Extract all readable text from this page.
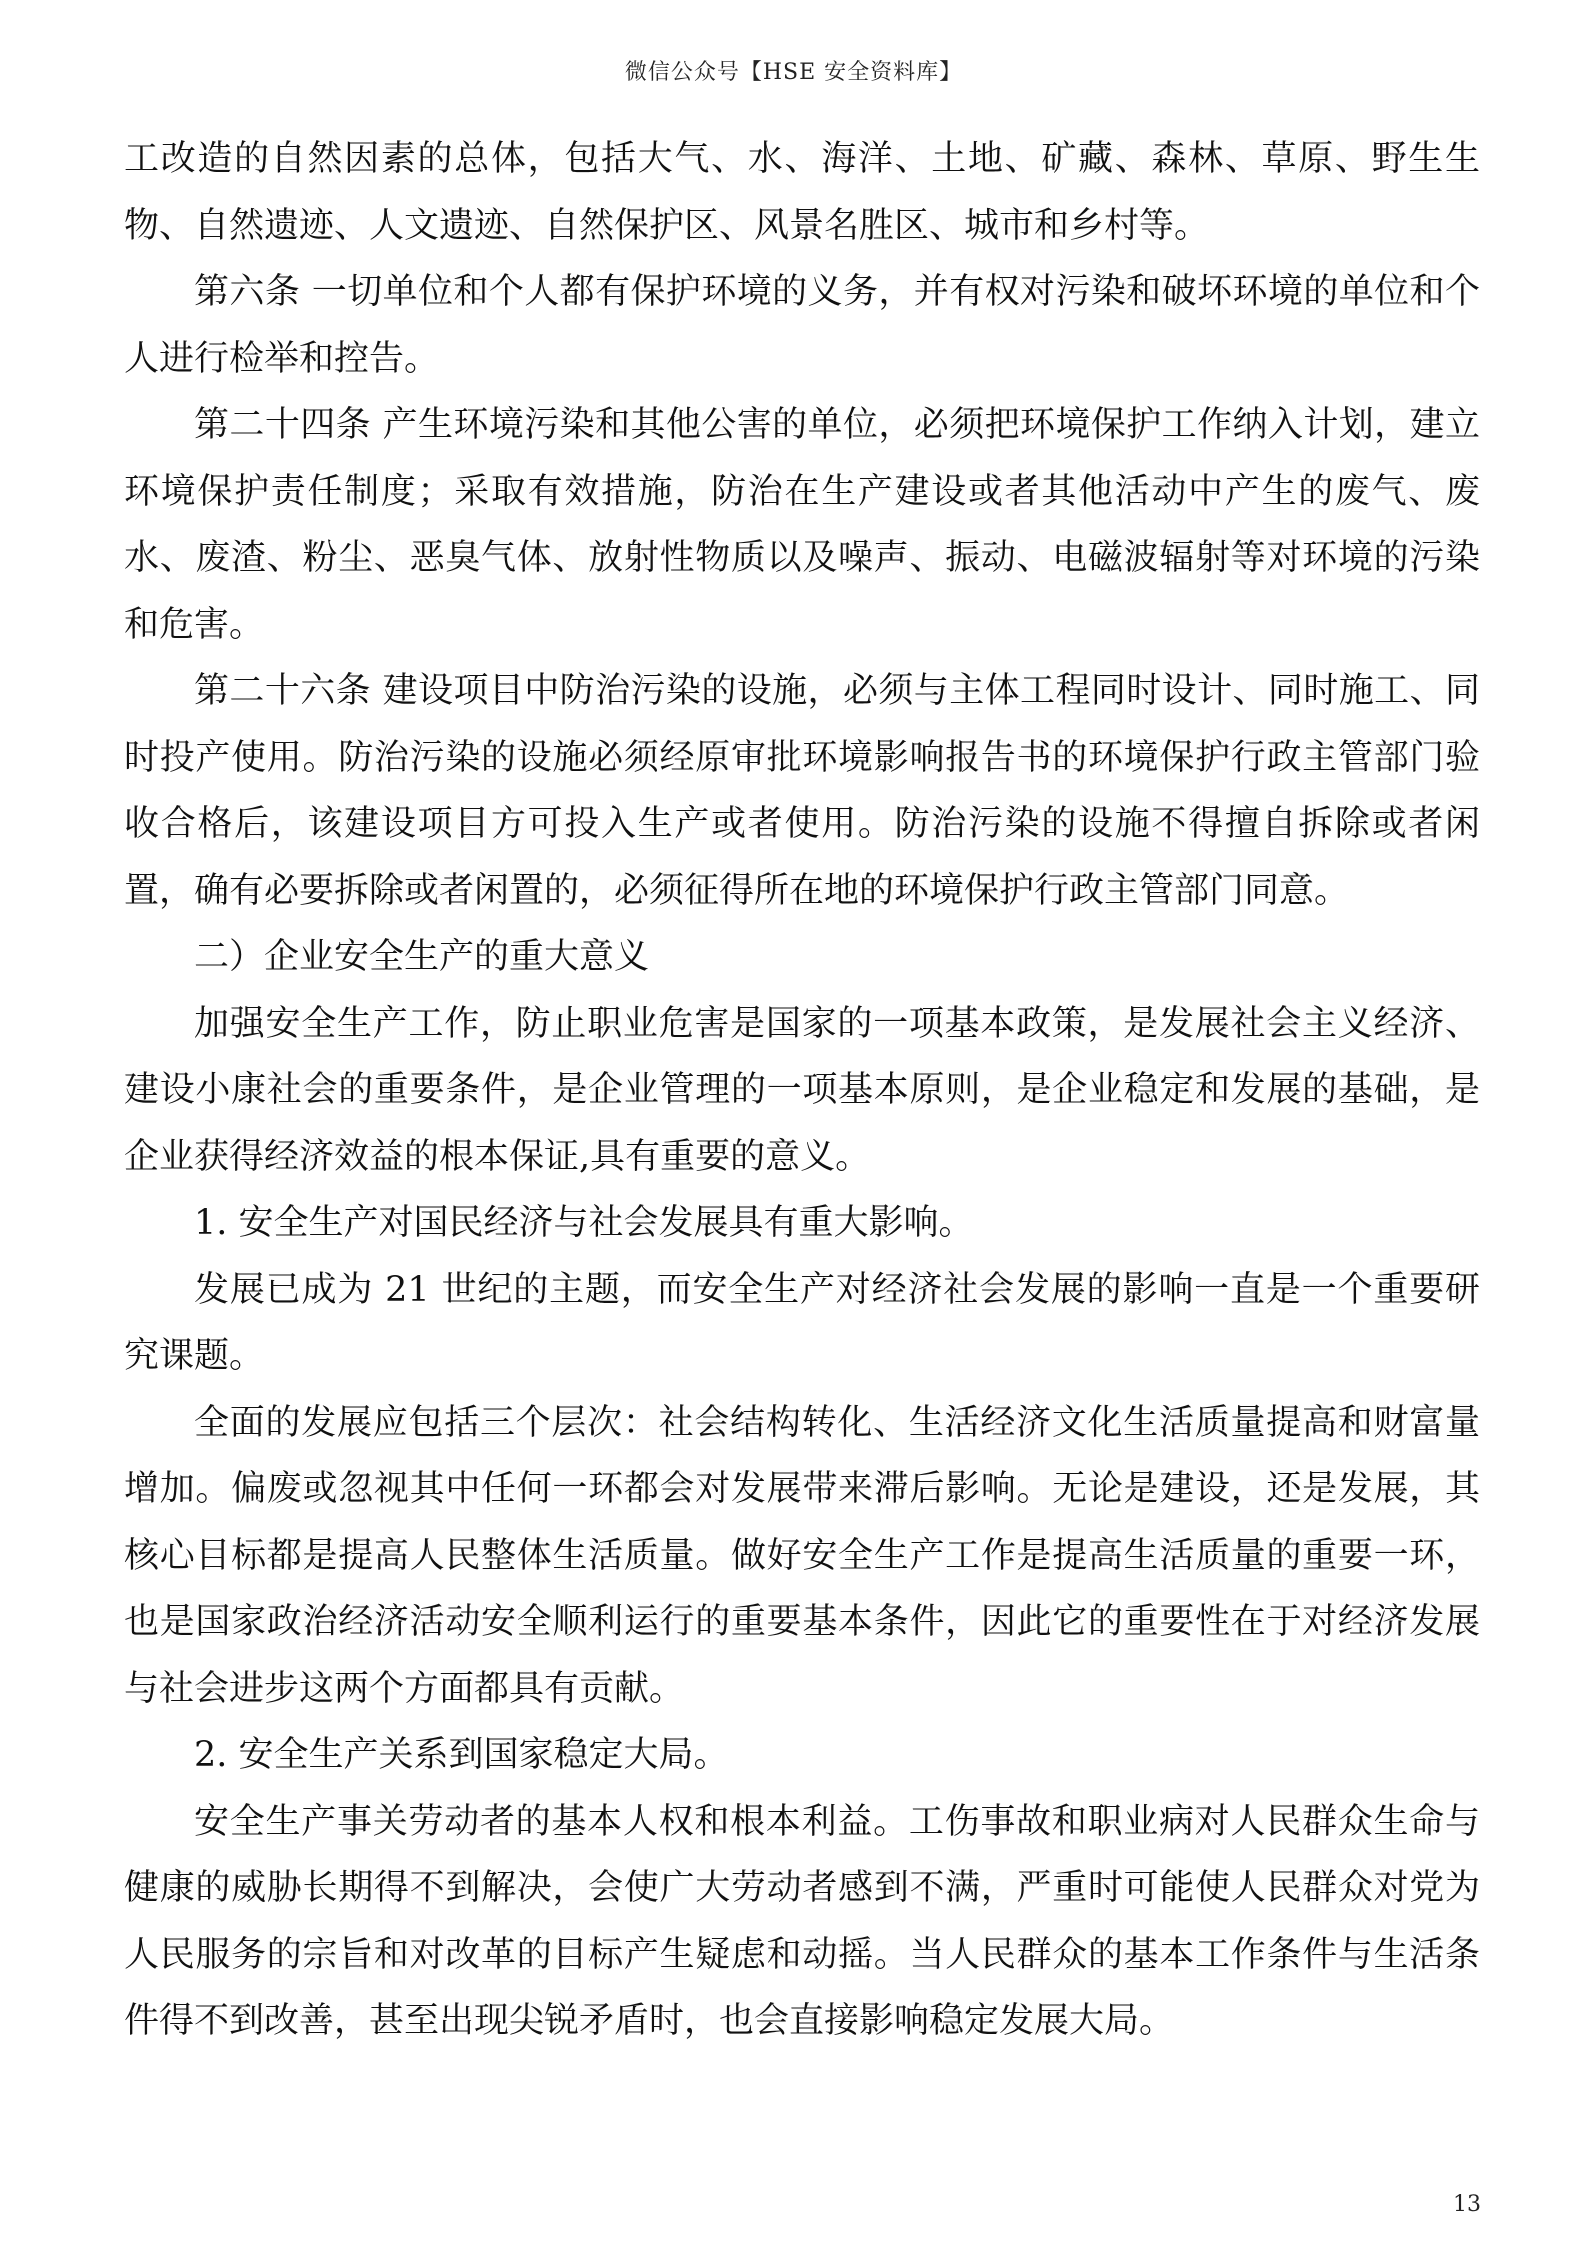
微信公众号【HSE 安全资料库】

工改造的自然因素的总体，包括大气、水、海洋、土地、矿藏、森林、草原、野生生物、自然遗迹、人文遗迹、自然保护区、风景名胜区、城市和乡村等。

第六条 一切单位和个人都有保护环境的义务，并有权对污染和破坏环境的单位和个人进行检举和控告。

第二十四条 产生环境污染和其他公害的单位，必须把环境保护工作纳入计划，建立环境保护责任制度；采取有效措施，防治在生产建设或者其他活动中产生的废气、废水、废渣、粉尘、恶臭气体、放射性物质以及噪声、振动、电磁波辐射等对环境的污染和危害。

第二十六条 建设项目中防治污染的设施，必须与主体工程同时设计、同时施工、同时投产使用。防治污染的设施必须经原审批环境影响报告书的环境保护行政主管部门验收合格后，该建设项目方可投入生产或者使用。防治污染的设施不得擅自拆除或者闲置，确有必要拆除或者闲置的，必须征得所在地的环境保护行政主管部门同意。

二）企业安全生产的重大意义

加强安全生产工作，防止职业危害是国家的一项基本政策，是发展社会主义经济、建设小康社会的重要条件，是企业管理的一项基本原则，是企业稳定和发展的基础，是企业获得经济效益的根本保证,具有重要的意义。

1. 安全生产对国民经济与社会发展具有重大影响。

发展已成为 21 世纪的主题，而安全生产对经济社会发展的影响一直是一个重要研究课题。

全面的发展应包括三个层次：社会结构转化、生活经济文化生活质量提高和财富量增加。偏废或忽视其中任何一环都会对发展带来滞后影响。无论是建设，还是发展，其核心目标都是提高人民整体生活质量。做好安全生产工作是提高生活质量的重要一环，也是国家政治经济活动安全顺利运行的重要基本条件，因此它的重要性在于对经济发展与社会进步这两个方面都具有贡献。

2. 安全生产关系到国家稳定大局。

安全生产事关劳动者的基本人权和根本利益。工伤事故和职业病对人民群众生命与健康的威胁长期得不到解决，会使广大劳动者感到不满，严重时可能使人民群众对党为人民服务的宗旨和对改革的目标产生疑虑和动摇。当人民群众的基本工作条件与生活条件得不到改善，甚至出现尖锐矛盾时，也会直接影响稳定发展大局。

13
